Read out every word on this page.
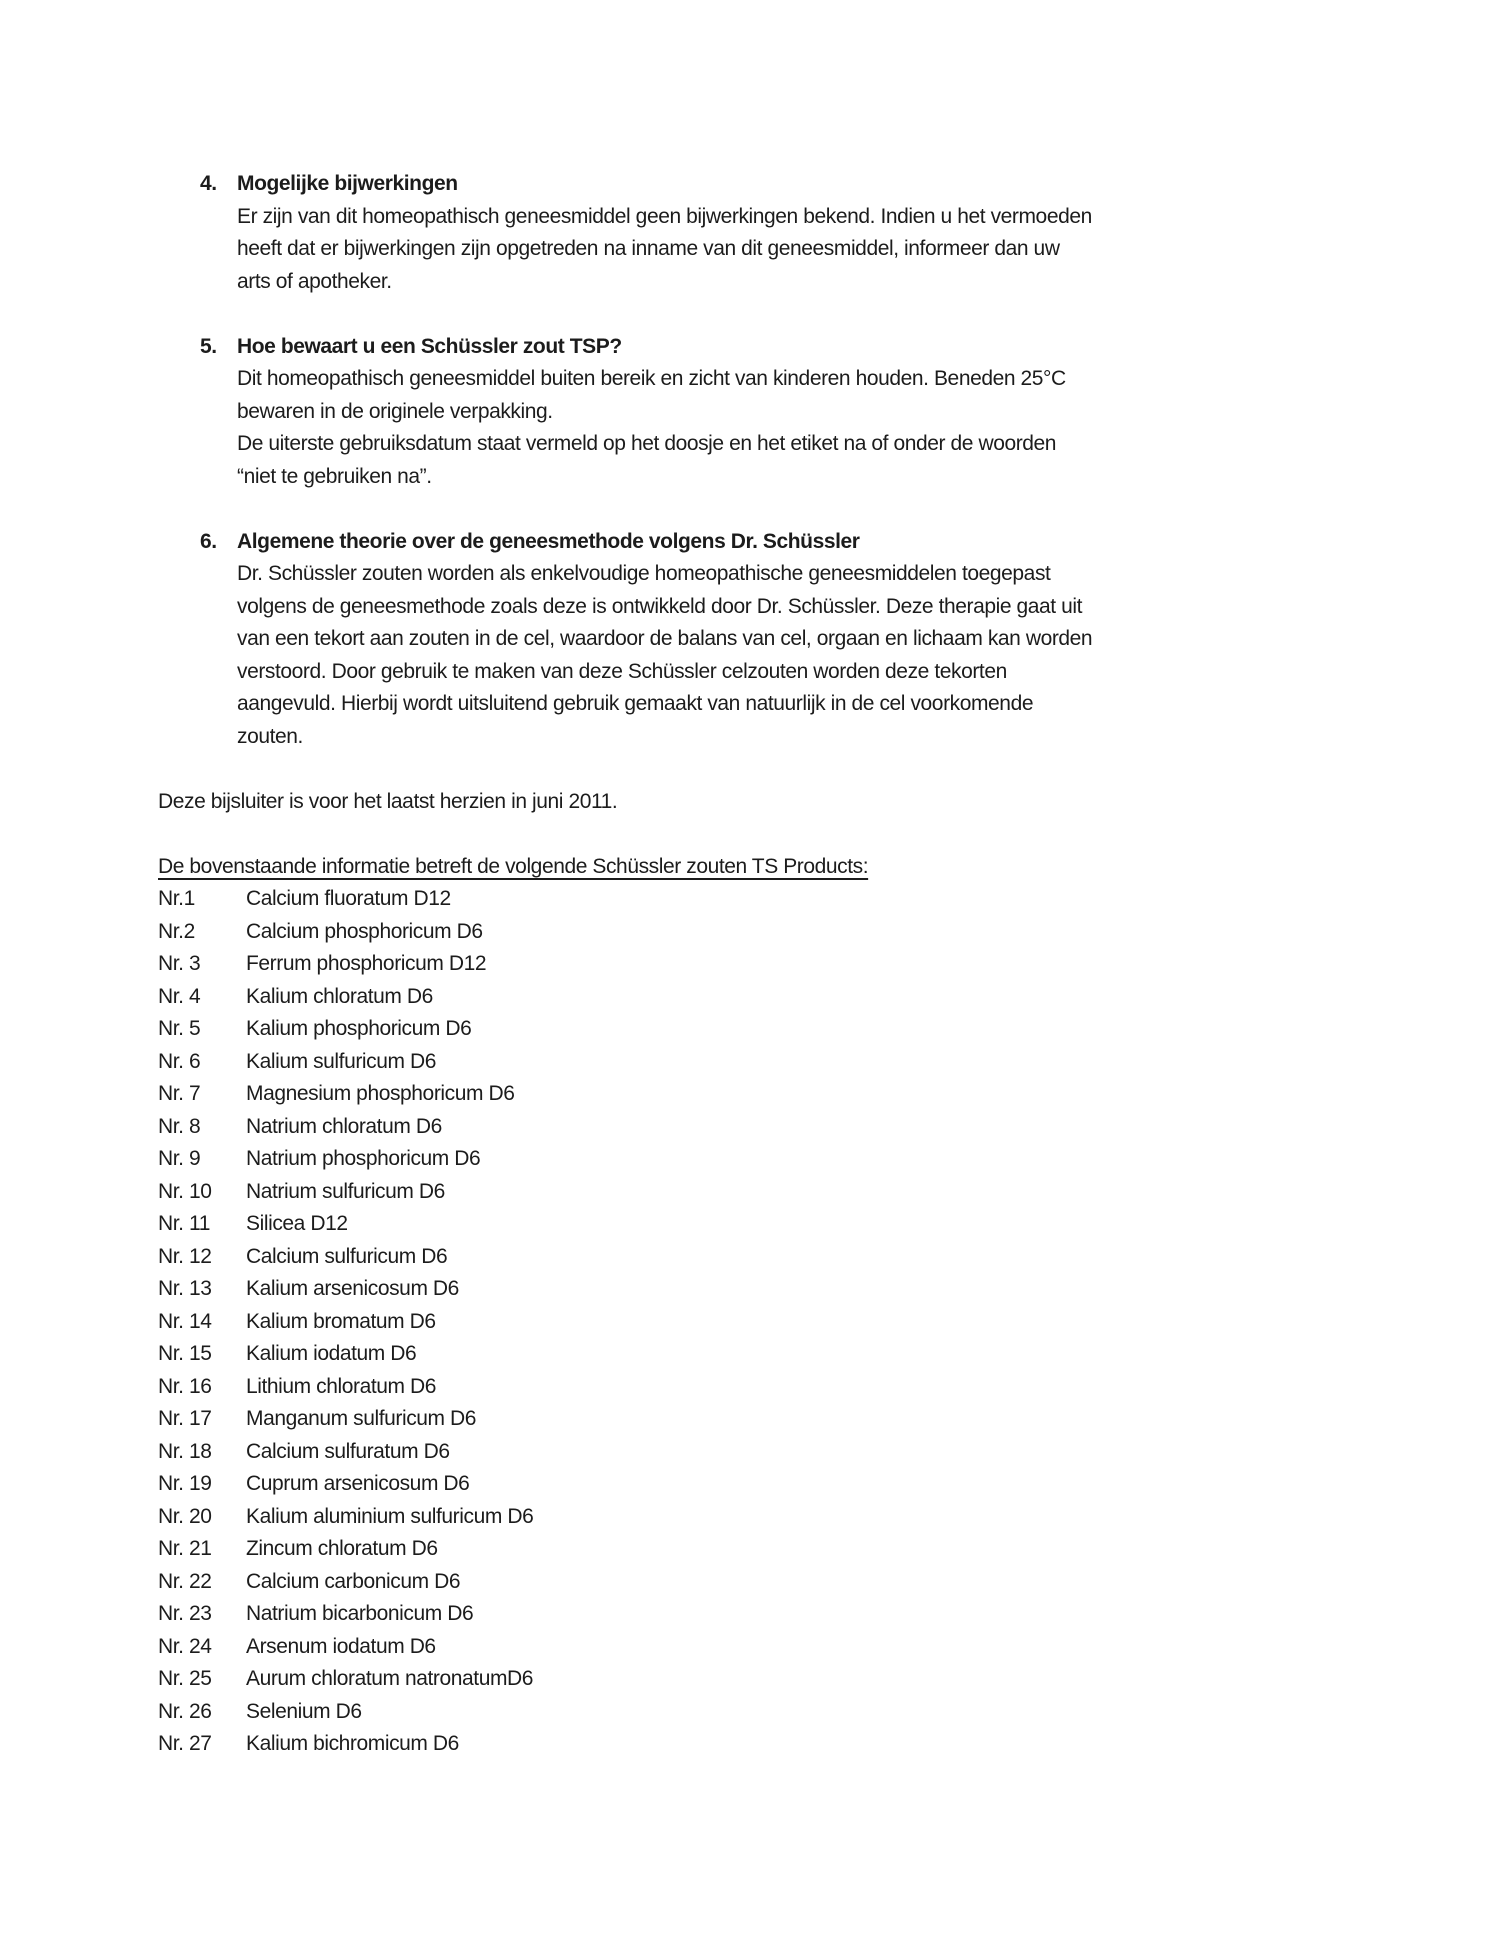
4. Mogelijke bijwerkingen
Er zijn van dit homeopathisch geneesmiddel geen bijwerkingen bekend. Indien u het vermoeden
heeft dat er bijwerkingen zijn opgetreden na inname van dit geneesmiddel, informeer dan uw
arts of apotheker.
5. Hoe bewaart u een Schüssler zout TSP?
Dit homeopathisch geneesmiddel buiten bereik en zicht van kinderen houden. Beneden 25°C
bewaren in de originele verpakking.
De uiterste gebruiksdatum staat vermeld op het doosje en het etiket na of onder de woorden
“niet te gebruiken na”.
6. Algemene theorie over de geneesmethode volgens Dr. Schüssler
Dr. Schüssler zouten worden als enkelvoudige homeopathische geneesmiddelen toegepast
volgens de geneesmethode zoals deze is ontwikkeld door Dr. Schüssler. Deze therapie gaat uit
van een tekort aan zouten in de cel, waardoor de balans van cel, orgaan en lichaam kan worden
verstoord. Door gebruik te maken van deze Schüssler celzouten worden deze tekorten
aangevuld. Hierbij wordt uitsluitend gebruik gemaakt van natuurlijk in de cel voorkomende
zouten.

Deze bijsluiter is voor het laatst herzien in juni 2011.

De bovenstaande informatie betreft de volgende Schüssler zouten TS Products:

Nr.1	Calcium fluoratum D12
Nr.2	Calcium phosphoricum D6
Nr. 3	Ferrum phosphoricum D12
Nr. 4	Kalium chloratum D6
Nr. 5	Kalium phosphoricum D6
Nr. 6	Kalium sulfuricum D6
Nr. 7	Magnesium phosphoricum D6
Nr. 8	Natrium chloratum D6
Nr. 9	Natrium phosphoricum D6
Nr. 10	Natrium sulfuricum D6
Nr. 11	Silicea D12
Nr. 12	Calcium sulfuricum D6
Nr. 13	Kalium arsenicosum D6
Nr. 14	Kalium bromatum D6
Nr. 15	Kalium iodatum D6
Nr. 16	Lithium chloratum D6
Nr. 17	Manganum sulfuricum D6
Nr. 18	Calcium sulfuratum D6
Nr. 19	Cuprum arsenicosum D6
Nr. 20	Kalium aluminium sulfuricum D6
Nr. 21	Zincum chloratum D6
Nr. 22	Calcium carbonicum D6
Nr. 23	Natrium bicarbonicum D6
Nr. 24	Arsenum iodatum D6
Nr. 25	Aurum chloratum natronatumD6
Nr. 26	Selenium D6
Nr. 27	Kalium bichromicum D6
